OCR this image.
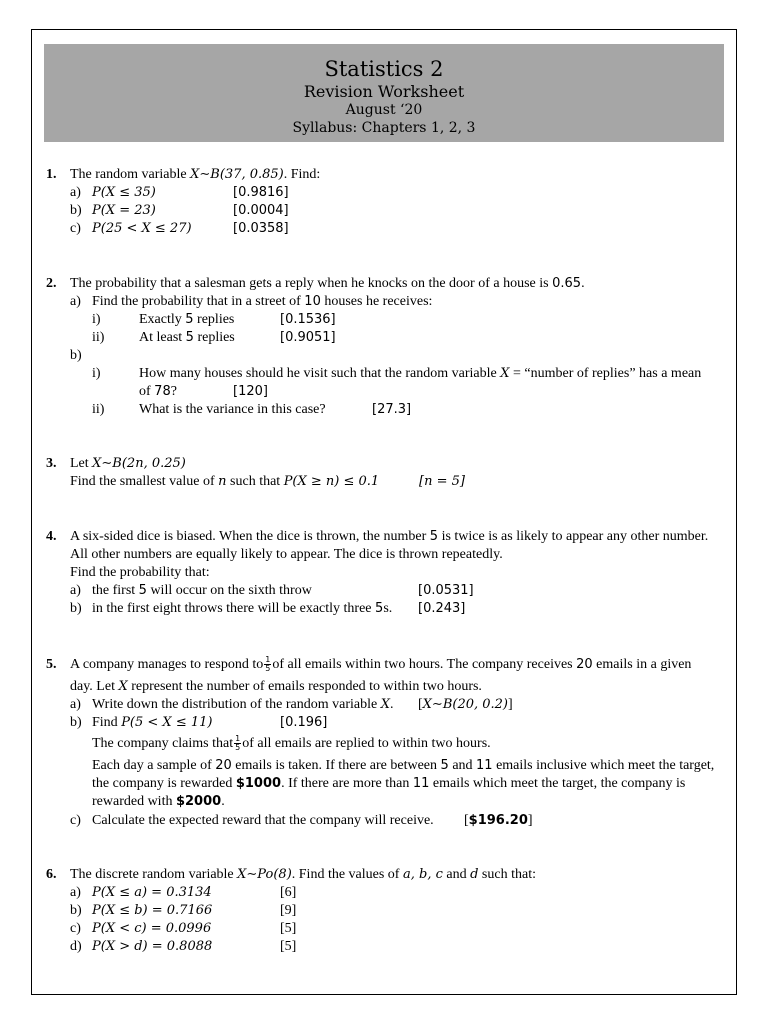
Statistics 2
Revision Worksheet
August ‘20
Syllabus: Chapters 1, 2, 3
1. The random variable X∼B(37, 0.85). Find:
a) P(X ≤ 35)	[0.9816]
b) P(X = 23)	[0.0004]
c) P(25 < X ≤ 27)	[0.0358]
2. The probability that a salesman gets a reply when he knocks on the door of a house is 0.65.
a) Find the probability that in a street of 10 houses he receives:
i)	Exactly 5 replies	[0.1536]
ii) At least 5 replies	[0.9051]
b)
i)	How many houses should he visit such that the random variable X = “number of replies” has a mean
of 78?	[120]
ii) What is the variance in this case?	[27.3]
3. Let X∼B(2n, 0.25)
Find the smallest value of n such that P(X ≥ n) ≤ 0.1	[n = 5]
4. A six-sided dice is biased. When the dice is thrown, the number 5 is twice is as likely to appear any other number.
All other numbers are equally likely to appear. The dice is thrown repeatedly.
Find the probability that:
a) the first 5 will occur on the sixth throw	[0.0531]
b) in the first eight throws there will be exactly three 5s. [0.243]
5. A company manages to respond to $\frac{1}{5}$ of all emails within two hours. The company receives 20 emails in a given
day. Let X represent the number of emails responded to within two hours.
a) Write down the distribution of the random variable X. [X∼B(20, 0.2)]
b) Find P(5 < X ≤ 11)	[0.196]
The company claims that $\frac{1}{5}$ of all emails are replied to within two hours.
Each day a sample of 20 emails is taken. If there are between 5 and 11 emails inclusive which meet the target,
the company is rewarded $1000. If there are more than 11 emails which meet the target, the company is
rewarded with $2000.
c) Calculate the expected reward that the company will receive. [$196.20]
6. The discrete random variable X∼Po(8). Find the values of a, b, c and d such that:
a) P(X ≤ a) = 0.3134	[6]
b) P(X ≤ b) = 0.7166	[9]
c) P(X < c) = 0.0996	[5]
d) P(X > d) = 0.8088	[5]
